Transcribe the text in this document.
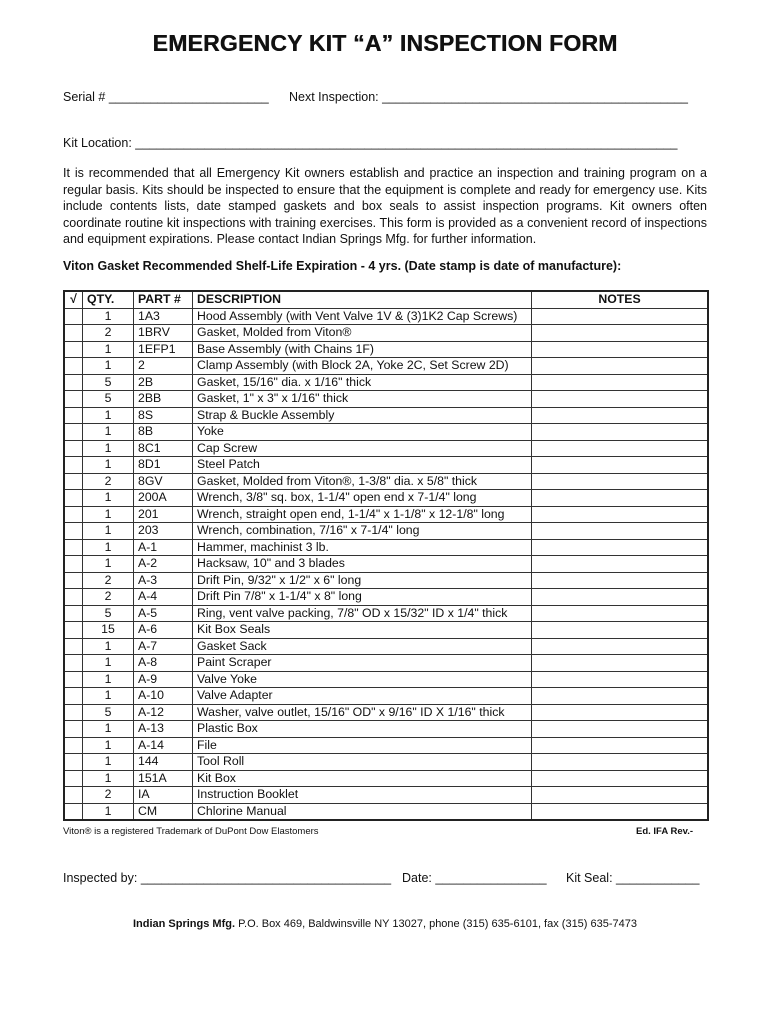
EMERGENCY KIT “A” INSPECTION FORM
Serial # _______________________ Next Inspection: ____________________________________________
Kit Location: ______________________________________________________________________________
It is recommended that all Emergency Kit owners establish and practice an inspection and training program on a regular basis. Kits should be inspected to ensure that the equipment is complete and ready for emergency use. Kits include contents lists, date stamped gaskets and box seals to assist inspection programs. Kit owners often coordinate routine kit inspections with training exercises. This form is provided as a convenient record of inspections and equipment expirations. Please contact Indian Springs Mfg. for further information.
Viton Gasket Recommended Shelf-Life Expiration - 4 yrs. (Date stamp is date of manufacture):
√	QTY.	PART #	DESCRIPTION	NOTES
	1	1A3	Hood Assembly (with Vent Valve 1V & (3)1K2 Cap Screws)	
	2	1BRV	Gasket, Molded from Viton®	
	1	1EFP1	Base Assembly (with Chains 1F)	
	1	2	Clamp Assembly (with Block 2A, Yoke 2C, Set Screw 2D)	
	5	2B	Gasket, 15/16" dia. x 1/16" thick	
	5	2BB	Gasket, 1" x 3" x 1/16" thick	
	1	8S	Strap & Buckle Assembly	
	1	8B	Yoke	
	1	8C1	Cap Screw	
	1	8D1	Steel Patch	
	2	8GV	Gasket, Molded from Viton®, 1-3/8" dia. x 5/8" thick	
	1	200A	Wrench, 3/8" sq. box, 1-1/4" open end x 7-1/4" long	
	1	201	Wrench, straight open end, 1-1/4" x 1-1/8" x 12-1/8" long	
	1	203	Wrench, combination, 7/16" x 7-1/4" long	
	1	A-1	Hammer, machinist 3 lb.	
	1	A-2	Hacksaw, 10" and 3 blades	
	2	A-3	Drift Pin, 9/32" x 1/2" x 6" long	
	2	A-4	Drift Pin 7/8" x 1-1/4" x 8" long	
	5	A-5	Ring, vent valve packing, 7/8" OD x 15/32" ID x 1/4" thick	
	15	A-6	Kit Box Seals	
	1	A-7	Gasket Sack	
	1	A-8	Paint Scraper	
	1	A-9	Valve Yoke	
	1	A-10	Valve Adapter	
	5	A-12	Washer, valve outlet, 15/16" OD" x 9/16" ID X 1/16" thick	
	1	A-13	Plastic Box	
	1	A-14	File	
	1	144	Tool Roll	
	1	151A	Kit Box	
	2	IA	Instruction Booklet	
	1	CM	Chlorine Manual	
Viton® is a registered Trademark of DuPont Dow Elastomers	Ed. IFA Rev.-
Inspected by: ____________________________________ Date: ________________ Kit Seal: ____________
Indian Springs Mfg. P.O. Box 469, Baldwinsville NY 13027, phone (315) 635-6101, fax (315) 635-7473
